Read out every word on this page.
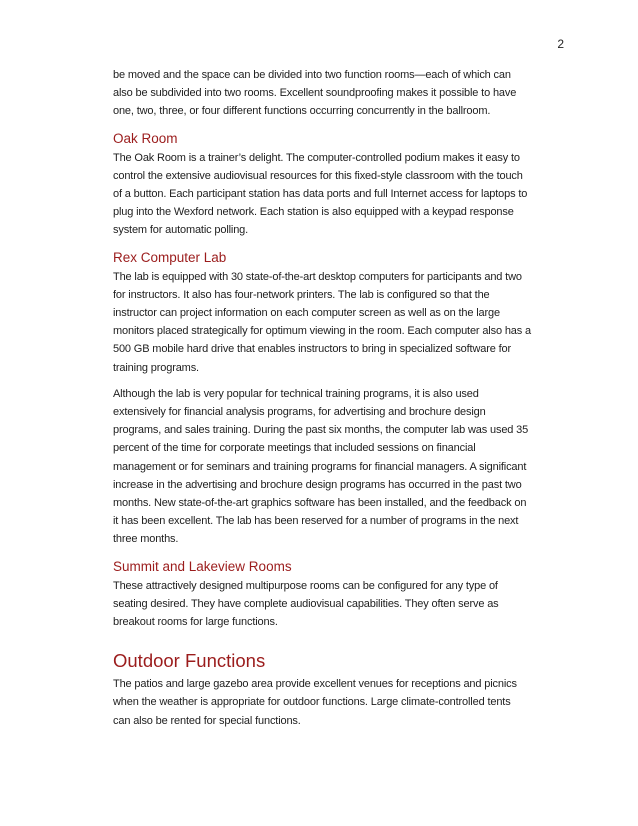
2

be moved and the space can be divided into two function rooms—each of which can
also be subdivided into two rooms. Excellent soundproofing makes it possible to have
one, two, three, or four different functions occurring concurrently in the ballroom.

Oak Room

The Oak Room is a trainer’s delight. The computer-controlled podium makes it easy to
control the extensive audiovisual resources for this fixed-style classroom with the touch
of a button. Each participant station has data ports and full Internet access for laptops to
plug into the Wexford network. Each station is also equipped with a keypad response
system for automatic polling.

Rex Computer Lab

The lab is equipped with 30 state-of-the-art desktop computers for participants and two
for instructors. It also has four-network printers. The lab is configured so that the
instructor can project information on each computer screen as well as on the large
monitors placed strategically for optimum viewing in the room. Each computer also has a
500 GB mobile hard drive that enables instructors to bring in specialized software for
training programs.

Although the lab is very popular for technical training programs, it is also used
extensively for financial analysis programs, for advertising and brochure design
programs, and sales training. During the past six months, the computer lab was used 35
percent of the time for corporate meetings that included sessions on financial
management or for seminars and training programs for financial managers. A significant
increase in the advertising and brochure design programs has occurred in the past two
months. New state-of-the-art graphics software has been installed, and the feedback on
it has been excellent. The lab has been reserved for a number of programs in the next
three months.

Summit and Lakeview Rooms

These attractively designed multipurpose rooms can be configured for any type of
seating desired. They have complete audiovisual capabilities. They often serve as
breakout rooms for large functions.

Outdoor Functions

The patios and large gazebo area provide excellent venues for receptions and picnics
when the weather is appropriate for outdoor functions. Large climate-controlled tents
can also be rented for special functions.
